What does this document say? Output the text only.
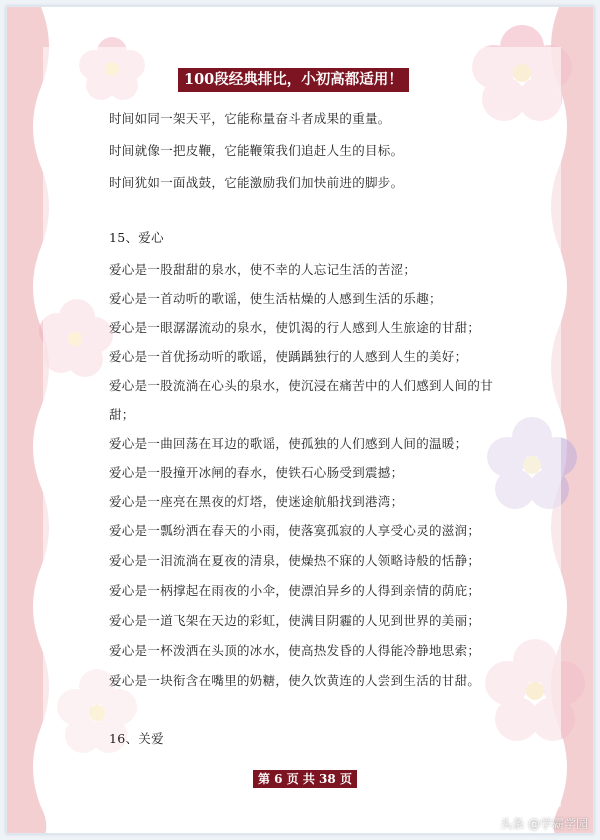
100段经典排比，小初高都适用！
时间如同一架天平，它能称量奋斗者成果的重量。
时间就像一把皮鞭，它能鞭策我们追赶人生的目标。
时间犹如一面战鼓，它能激励我们加快前进的脚步。
15、爱心
爱心是一股甜甜的泉水，使不幸的人忘记生活的苦涩；
爱心是一首动听的歌谣，使生活枯燥的人感到生活的乐趣；
爱心是一眼潺潺流动的泉水，使饥渴的行人感到人生旅途的甘甜；
爱心是一首优扬动听的歌谣，使踽踽独行的人感到人生的美好；
爱心是一股流淌在心头的泉水，使沉浸在痛苦中的人们感到人间的甘
甜；
爱心是一曲回荡在耳边的歌谣，使孤独的人们感到人间的温暖；
爱心是一股撞开冰闸的春水，使铁石心肠受到震撼；
爱心是一座亮在黑夜的灯塔，使迷途航船找到港湾；
爱心是一瓢纷洒在春天的小雨，使落寞孤寂的人享受心灵的滋润；
爱心是一泪流淌在夏夜的清泉，使燥热不寐的人领略诗般的恬静；
爱心是一柄撑起在雨夜的小伞，使漂泊异乡的人得到亲情的荫庇；
爱心是一道飞架在天边的彩虹，使满目阴霾的人见到世界的美丽；
爱心是一杯泼洒在头顶的冰水，使高热发昏的人得能冷静地思索；
爱心是一块衔含在嘴里的奶糖，使久饮黄连的人尝到生活的甘甜。
16、关爱
第 6 页 共 38 页
头条 @学霸学园
